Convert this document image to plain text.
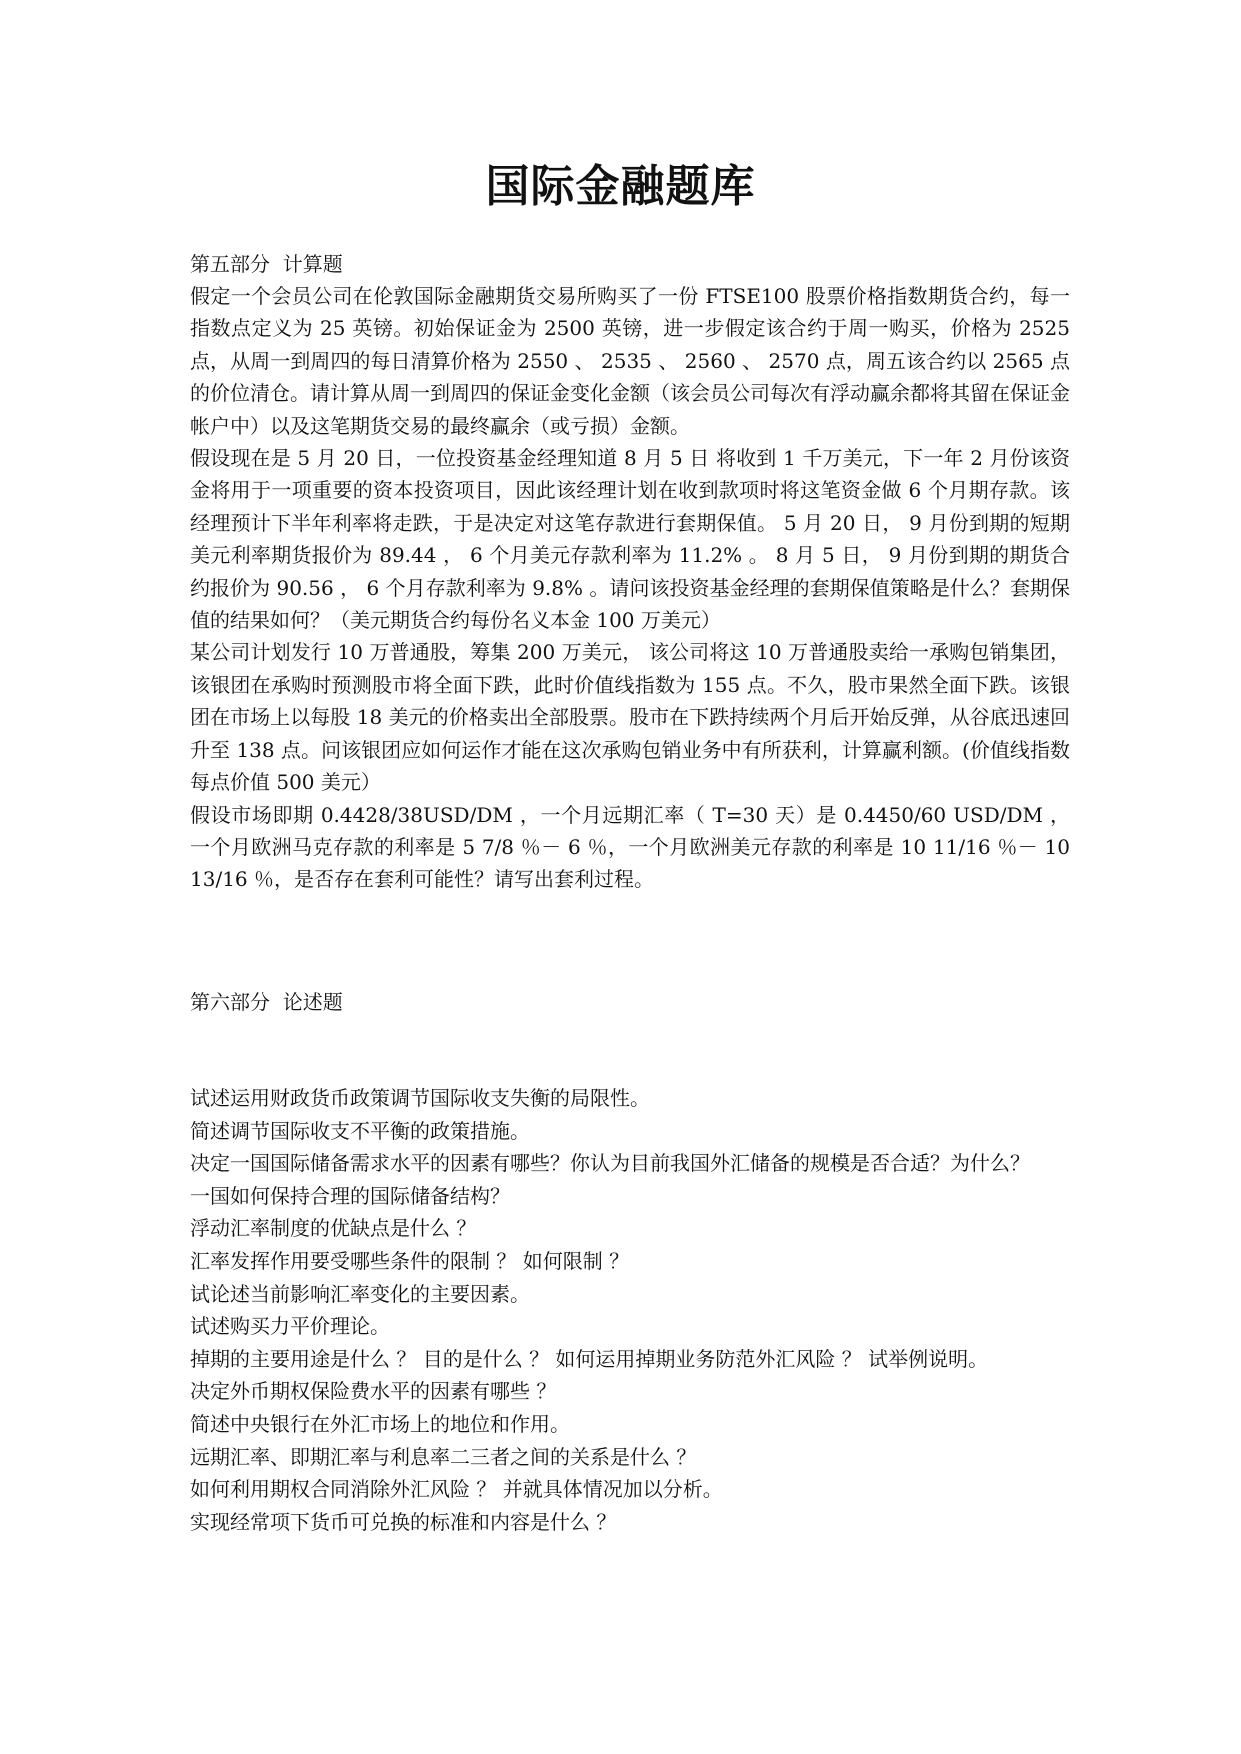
国际金融题库

第五部分  计算题

假定一个会员公司在伦敦国际金融期货交易所购买了一份 FTSE100 股票价格指数期货合约，每一指数点定义为 25 英镑。初始保证金为 2500 英镑，进一步假定该合约于周一购买，价格为 2525 点，从周一到周四的每日清算价格为 2550 、 2535 、 2560 、 2570 点，周五该合约以 2565 点的价位清仓。请计算从周一到周四的保证金变化金额（该会员公司每次有浮动赢余都将其留在保证金帐户中）以及这笔期货交易的最终赢余（或亏损）金额。

假设现在是 5 月 20 日，一位投资基金经理知道 8 月 5 日 将收到 1 千万美元，下一年 2 月份该资金将用于一项重要的资本投资项目，因此该经理计划在收到款项时将这笔资金做 6 个月期存款。该经理预计下半年利率将走跌，于是决定对这笔存款进行套期保值。 5 月 20 日， 9 月份到期的短期美元利率期货报价为 89.44 ， 6 个月美元存款利率为 11.2% 。 8 月 5 日， 9 月份到期的期货合约报价为 90.56 ， 6 个月存款利率为 9.8% 。请问该投资基金经理的套期保值策略是什么？套期保值的结果如何？（美元期货合约每份名义本金 100 万美元）

某公司计划发行 10 万普通股，筹集 200 万美元， 该公司将这 10 万普通股卖给一承购包销集团，该银团在承购时预测股市将全面下跌，此时价值线指数为 155 点。不久，股市果然全面下跌。该银团在市场上以每股 18 美元的价格卖出全部股票。股市在下跌持续两个月后开始反弹，从谷底迅速回升至 138 点。问该银团应如何运作才能在这次承购包销业务中有所获利，计算赢利额。(价值线指数每点价值 500 美元）

假设市场即期 0.4428/38USD/DM ，一个月远期汇率（ T=30 天）是 0.4450/60 USD/DM ，一个月欧洲马克存款的利率是 5 7/8 ％－ 6 ％，一个月欧洲美元存款的利率是 10 11/16 ％－ 10 13/16 ％，是否存在套利可能性？请写出套利过程。

第六部分  论述题

试述运用财政货币政策调节国际收支失衡的局限性。
简述调节国际收支不平衡的政策措施。
决定一国国际储备需求水平的因素有哪些？你认为目前我国外汇储备的规模是否合适？为什么？
一国如何保持合理的国际储备结构？
浮动汇率制度的优缺点是什么 ？
汇率发挥作用要受哪些条件的限制 ？ 如何限制 ？
试论述当前影响汇率变化的主要因素。
试述购买力平价理论。
掉期的主要用途是什么 ？ 目的是什么 ？ 如何运用掉期业务防范外汇风险 ？ 试举例说明。
决定外币期权保险费水平的因素有哪些 ？
简述中央银行在外汇市场上的地位和作用。
远期汇率、即期汇率与利息率二三者之间的关系是什么 ？
如何利用期权合同消除外汇风险 ？ 并就具体情况加以分析。
实现经常项下货币可兑换的标准和内容是什么 ？
